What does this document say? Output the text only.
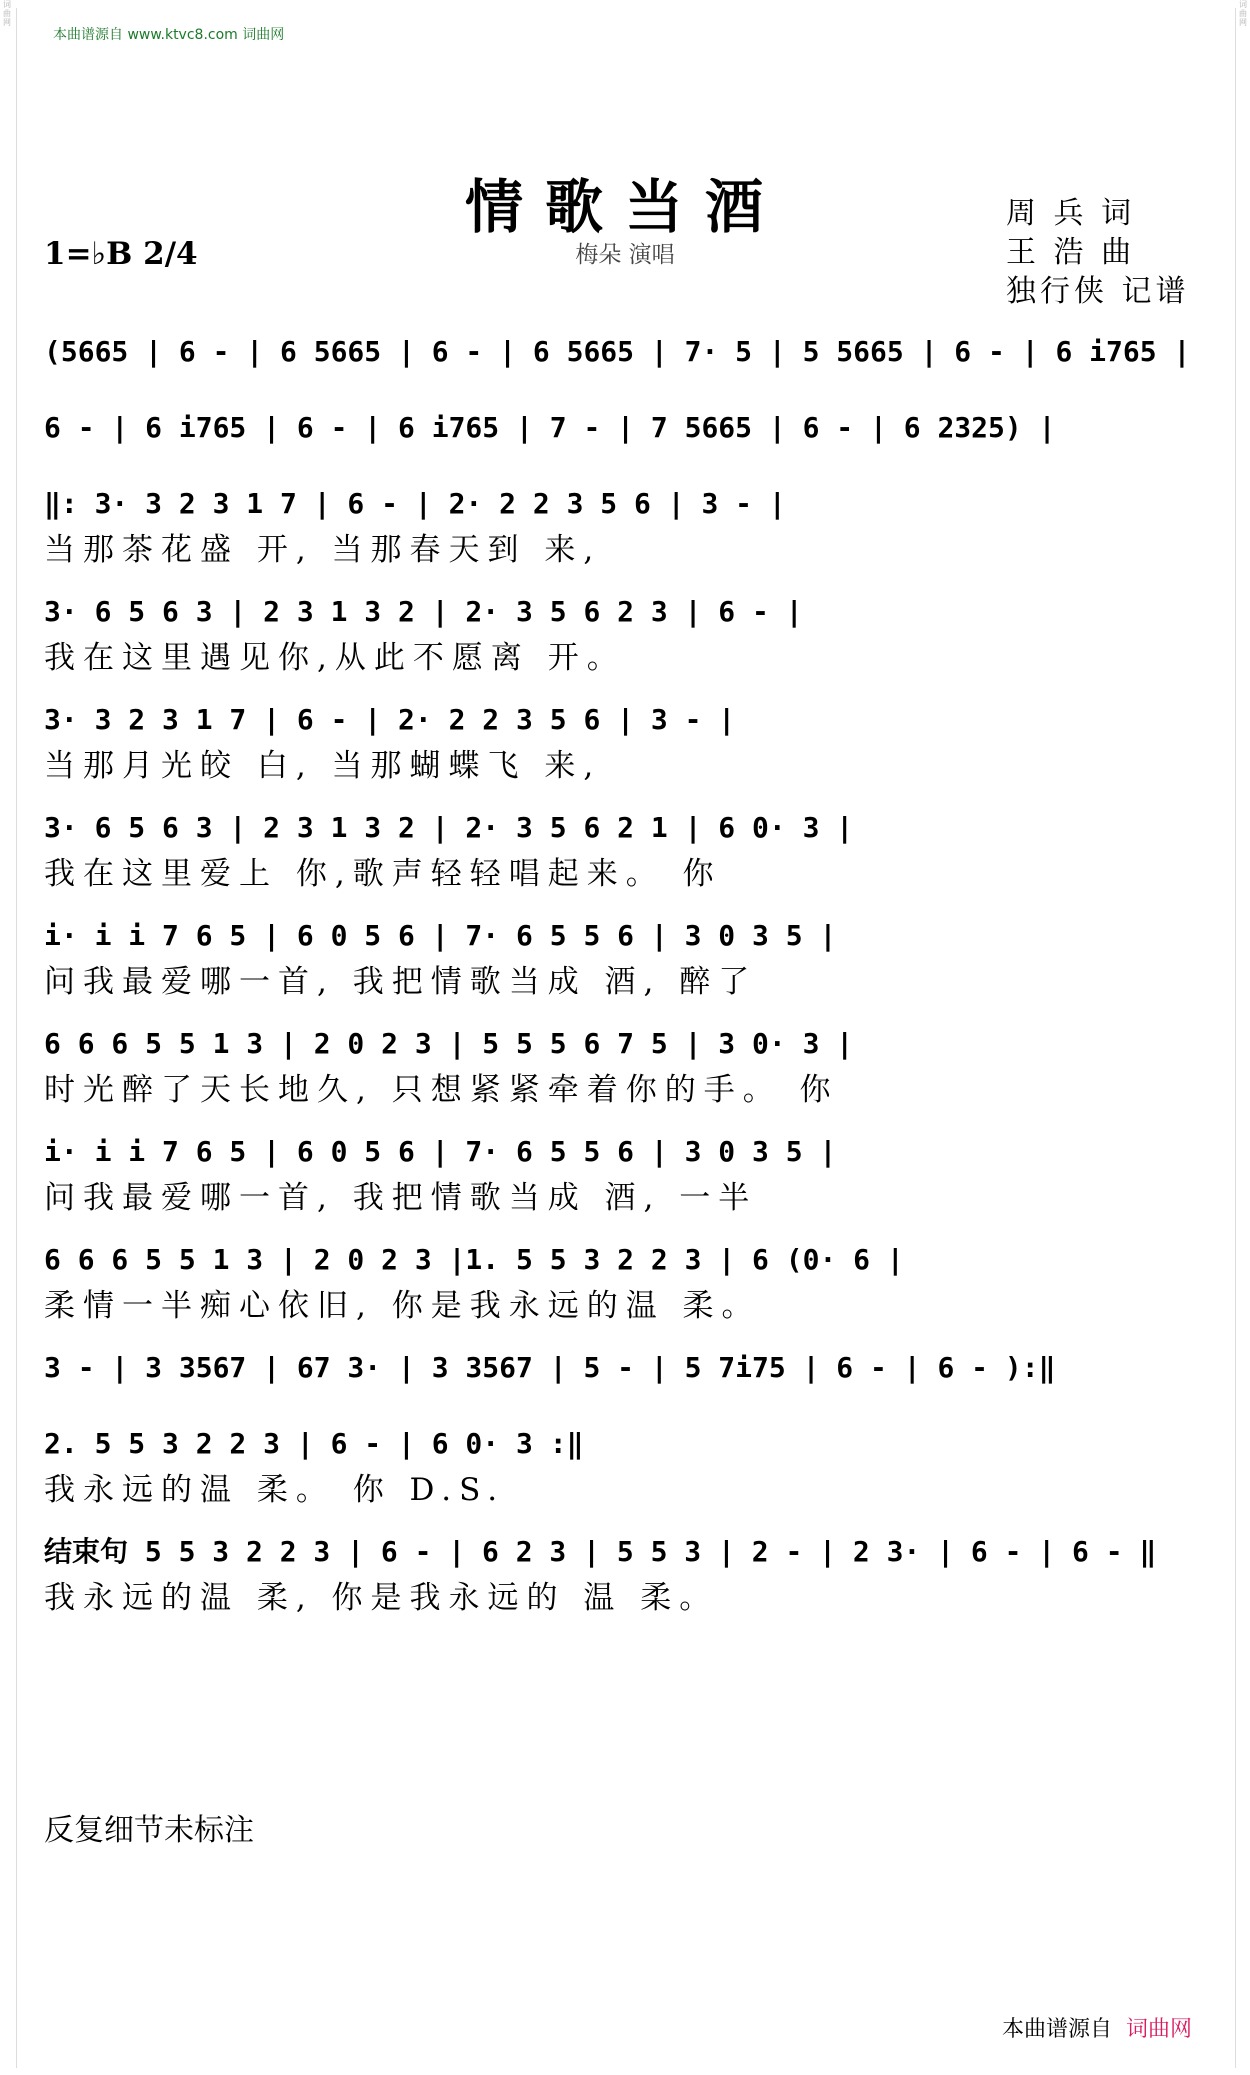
词曲网
词曲网
本曲谱源自 www.ktvc8.com 词曲网
情歌当酒
梅朵 演唱
1=♭B 2/4
周 兵 词
王 浩 曲
独行侠 记谱
(5665 | 6 - | 6 5665 | 6 - | 6 5665 | 7· 5 | 5 5665 | 6 - | 6 i765 |
6 - | 6 i765 | 6 - | 6 i765 | 7 - | 7 5665 | 6 - | 6 2325) |
‖: 3· 3 2 3 1 7 | 6 - | 2· 2 2 3 5 6 | 3 - |
当那茶花盛 开, 当那春天到 来,
3· 6 5 6 3 | 2 3 1 3 2 | 2· 3 5 6 2 3 | 6 - |
我在这里遇见你,从此不愿离 开。
3· 3 2 3 1 7 | 6 - | 2· 2 2 3 5 6 | 3 - |
当那月光皎 白, 当那蝴蝶飞 来,
3· 6 5 6 3 | 2 3 1 3 2 | 2· 3 5 6 2 1 | 6 0· 3 |
我在这里爱上 你,歌声轻轻唱起来。 你
i· i i 7 6 5 | 6 0 5 6 | 7· 6 5 5 6 | 3 0 3 5 |
问我最爱哪一首, 我把情歌当成 酒, 醉了
6 6 6 5 5 1 3 | 2 0 2 3 | 5 5 5 6 7 5 | 3 0· 3 |
时光醉了天长地久, 只想紧紧牵着你的手。 你
i· i i 7 6 5 | 6 0 5 6 | 7· 6 5 5 6 | 3 0 3 5 |
问我最爱哪一首, 我把情歌当成 酒, 一半
6 6 6 5 5 1 3 | 2 0 2 3 |1. 5 5 3 2 2 3 | 6 (0· 6 |
柔情一半痴心依旧, 你是我永远的温 柔。
3 - | 3 3567 | 67 3· | 3 3567 | 5 - | 5 7i75 | 6 - | 6 - ):‖
2. 5 5 3 2 2 3 | 6 - | 6 0· 3 :‖
我永远的温 柔。 你 D.S.
结束句 5 5 3 2 2 3 | 6 - | 6 2 3 | 5 5 3 | 2 - | 2 3· | 6 - | 6 - ‖
我永远的温 柔, 你是我永远的 温 柔。
反复细节未标注
本曲谱源自 词曲网
